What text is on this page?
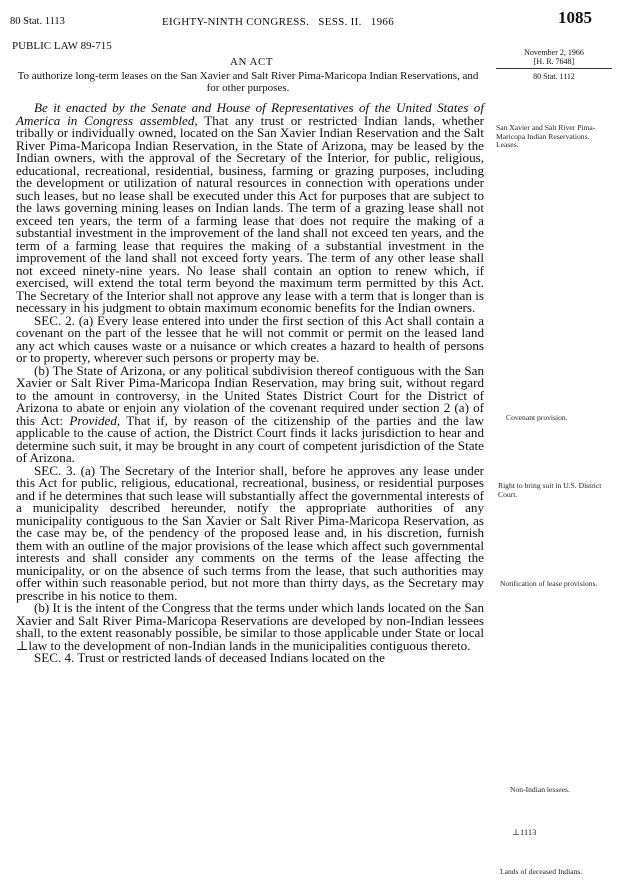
80 Stat. 1113	EIGHTY-NINTH CONGRESS.   SESS. II.   1966	1085
PUBLIC LAW 89-715
AN ACT
To authorize long-term leases on the San Xavier and Salt River Pima-Maricopa Indian Reservations, and for other purposes.
November 2, 1966
[H. R. 7648]
80 Stat. 1112

Be it enacted by the Senate and House of Representatives of the United States of America in Congress assembled, That any trust or restricted Indian lands, whether tribally or individually owned, located on the San Xavier Indian Reservation and the Salt River Pima-Maricopa Indian Reservation, in the State of Arizona, may be leased by the Indian owners, with the approval of the Secretary of the Interior, for public, religious, educational, recreational, residential, business, farming or grazing purposes, including the development or utilization of natural resources in connection with operations under such leases, but no lease shall be executed under this Act for purposes that are subject to the laws governing mining leases on Indian lands. The term of a grazing lease shall not exceed ten years, the term of a farming lease that does not require the making of a substantial investment in the improvement of the land shall not exceed ten years, and the term of a farming lease that requires the making of a substantial investment in the improvement of the land shall not exceed forty years. The term of any other lease shall not exceed ninety-nine years. No lease shall contain an option to renew which, if exercised, will extend the total term beyond the maximum term permitted by this Act. The Secretary of the Interior shall not approve any lease with a term that is longer than is necessary in his judgment to obtain maximum economic benefits for the Indian owners.

SEC. 2. (a) Every lease entered into under the first section of this Act shall contain a covenant on the part of the lessee that he will not commit or permit on the leased land any act which causes waste or a nuisance or which creates a hazard to health of persons or to property, wherever such persons or property may be.

(b) The State of Arizona, or any political subdivision thereof contiguous with the San Xavier or Salt River Pima-Maricopa Indian Reservation, may bring suit, without regard to the amount in controversy, in the United States District Court for the District of Arizona to abate or enjoin any violation of the covenant required under section 2 (a) of this Act: Provided, That if, by reason of the citizenship of the parties and the law applicable to the cause of action, the District Court finds it lacks jurisdiction to hear and determine such suit, it may be brought in any court of competent jurisdiction of the State of Arizona.

SEC. 3. (a) The Secretary of the Interior shall, before he approves any lease under this Act for public, religious, educational, recreational, business, or residential purposes and if he determines that such lease will substantially affect the governmental interests of a municipality described hereunder, notify the appropriate authorities of any municipality contiguous to the San Xavier or Salt River Pima-Maricopa Reservation, as the case may be, of the pendency of the proposed lease and, in his discretion, furnish them with an outline of the major provisions of the lease which affect such governmental interests and shall consider any comments on the terms of the lease affecting the municipality, or on the absence of such terms from the lease, that such authorities may offer within such reasonable period, but not more than thirty days, as the Secretary may prescribe in his notice to them.

(b) It is the intent of the Congress that the terms under which lands located on the San Xavier and Salt River Pima-Maricopa Reservations are developed by non-Indian lessees shall, to the extent reasonably possible, be similar to those applicable under State or local ⊥law to the development of non-Indian lands in the municipalities contiguous thereto.

SEC. 4. Trust or restricted lands of deceased Indians located on the

San Xavier and Salt River Pima-Maricopa Indian Reservations. Leases.
Covenant provision.
Right to bring suit in U.S. District Court.
Notification of lease provisions.
Non-Indian lessees.
⊥1113
Lands of deceased Indians.
